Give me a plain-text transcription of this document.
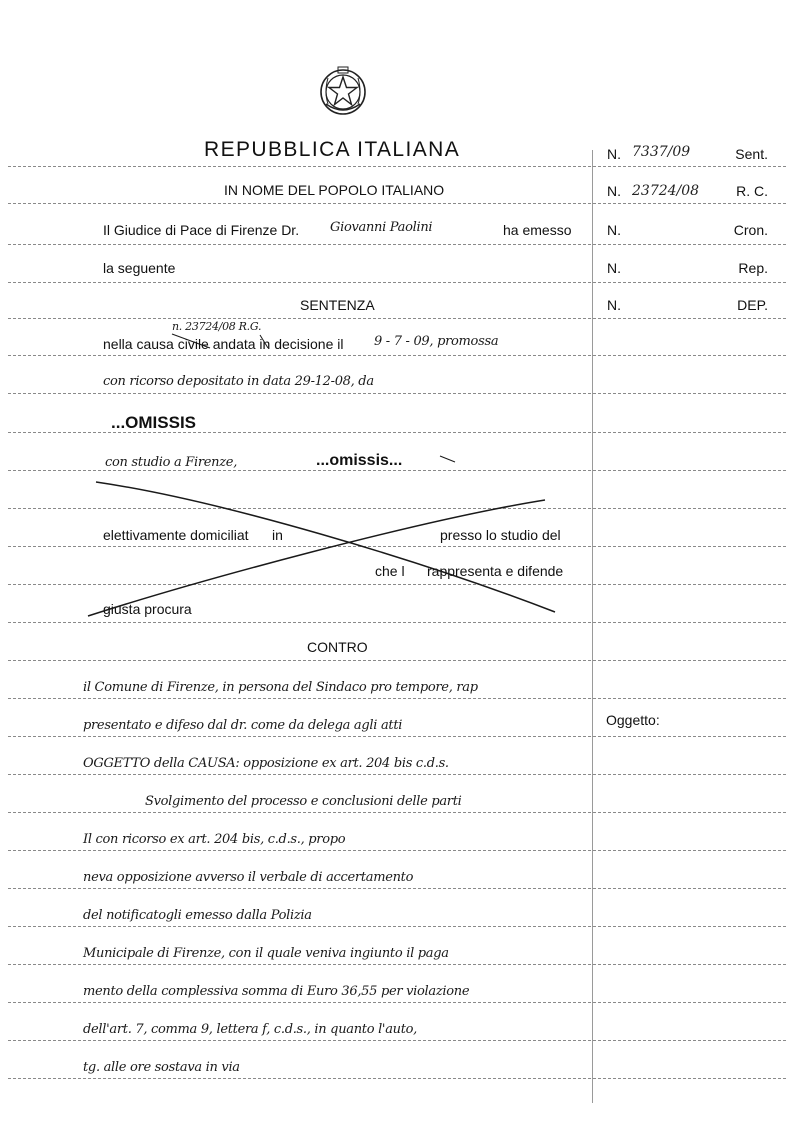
REPUBBLICA ITALIANA
IN NOME DEL POPOLO ITALIANO
N. 7337/09	Sent.
N. 23724/08	R. C.
N.	Cron.
N.	Rep.
N.	DEP.
Il Giudice di Pace di Firenze Dr. Giovanni Paolini	ha emesso
la seguente
SENTENZA
n. 23724/08 R.G.
nella causa civile andata in decisione il 9 - 7 - 09, promossa
con ricorso depositato in data 29-12-08, da
...OMISSIS
con studio a Firenze,	...omissis...
elettivamente domiciliat in	presso lo studio del
che l rappresenta e difende
giusta procura
CONTRO
Oggetto:
il Comune di Firenze, in persona del Sindaco pro tempore, rap
presentato e difeso dal dr. come da delega agli atti
OGGETTO della CAUSA: opposizione ex art. 204 bis c.d.s.
Svolgimento del processo e conclusioni delle parti
Il con ricorso ex art. 204 bis, c.d.s., propo
neva opposizione avverso il verbale di accertamento
del notificatogli emesso dalla Polizia
Municipale di Firenze, con il quale veniva ingiunto il paga
mento della complessiva somma di Euro 36,55 per violazione
dell'art. 7, comma 9, lettera f, c.d.s., in quanto l'auto,
tg. alle ore sostava in via
